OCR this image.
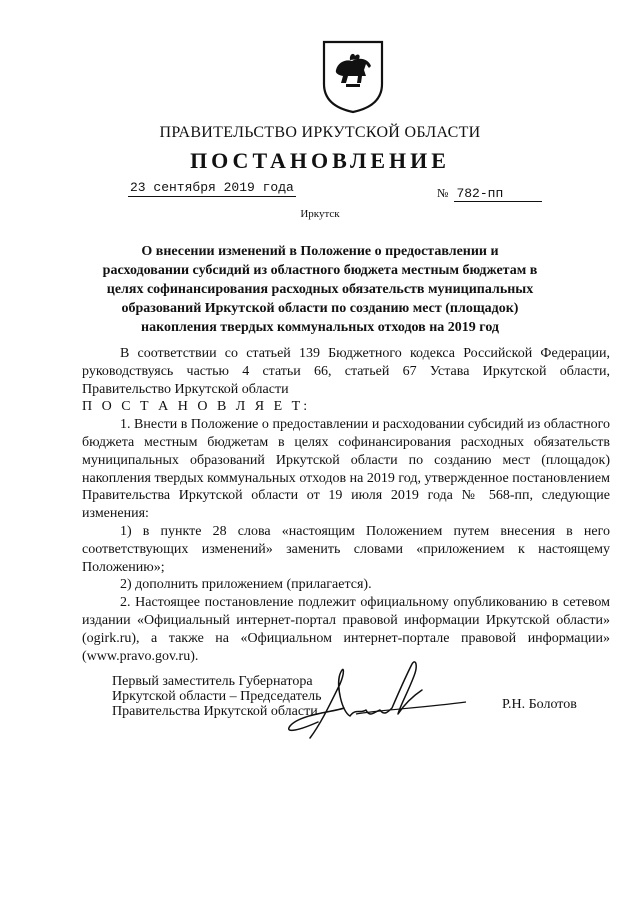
ПРАВИТЕЛЬСТВО ИРКУТСКОЙ ОБЛАСТИ
ПОСТАНОВЛЕНИЕ
23 сентября 2019 года	№ 782-пп
Иркутск
О внесении изменений в Положение о предоставлении и расходовании субсидий из областного бюджета местным бюджетам в целях софинансирования расходных обязательств муниципальных образований Иркутской области по созданию мест (площадок) накопления твердых коммунальных отходов на 2019 год

В соответствии со статьей 139 Бюджетного кодекса Российской Федерации, руководствуясь частью 4 статьи 66, статьей 67 Устава Иркутской области, Правительство Иркутской области

П О С Т А Н О В Л Я Е Т:

1. Внести в Положение о предоставлении и расходовании субсидий из областного бюджета местным бюджетам в целях софинансирования расходных обязательств муниципальных образований Иркутской области по созданию мест (площадок) накопления твердых коммунальных отходов на 2019 год, утвержденное постановлением Правительства Иркутской области от 19 июля 2019 года № 568-пп, следующие изменения:

1) в пункте 28 слова «настоящим Положением путем внесения в него соответствующих изменений» заменить словами «приложением к настоящему Положению»;

2) дополнить приложением (прилагается).

2. Настоящее постановление подлежит официальному опубликованию в сетевом издании «Официальный интернет-портал правовой информации Иркутской области» (ogirk.ru), а также на «Официальном интернет-портале правовой информации» (www.pravo.gov.ru).

Первый заместитель Губернатора
Иркутской области – Председатель
Правительства Иркутской области	Р.Н. Болотов
